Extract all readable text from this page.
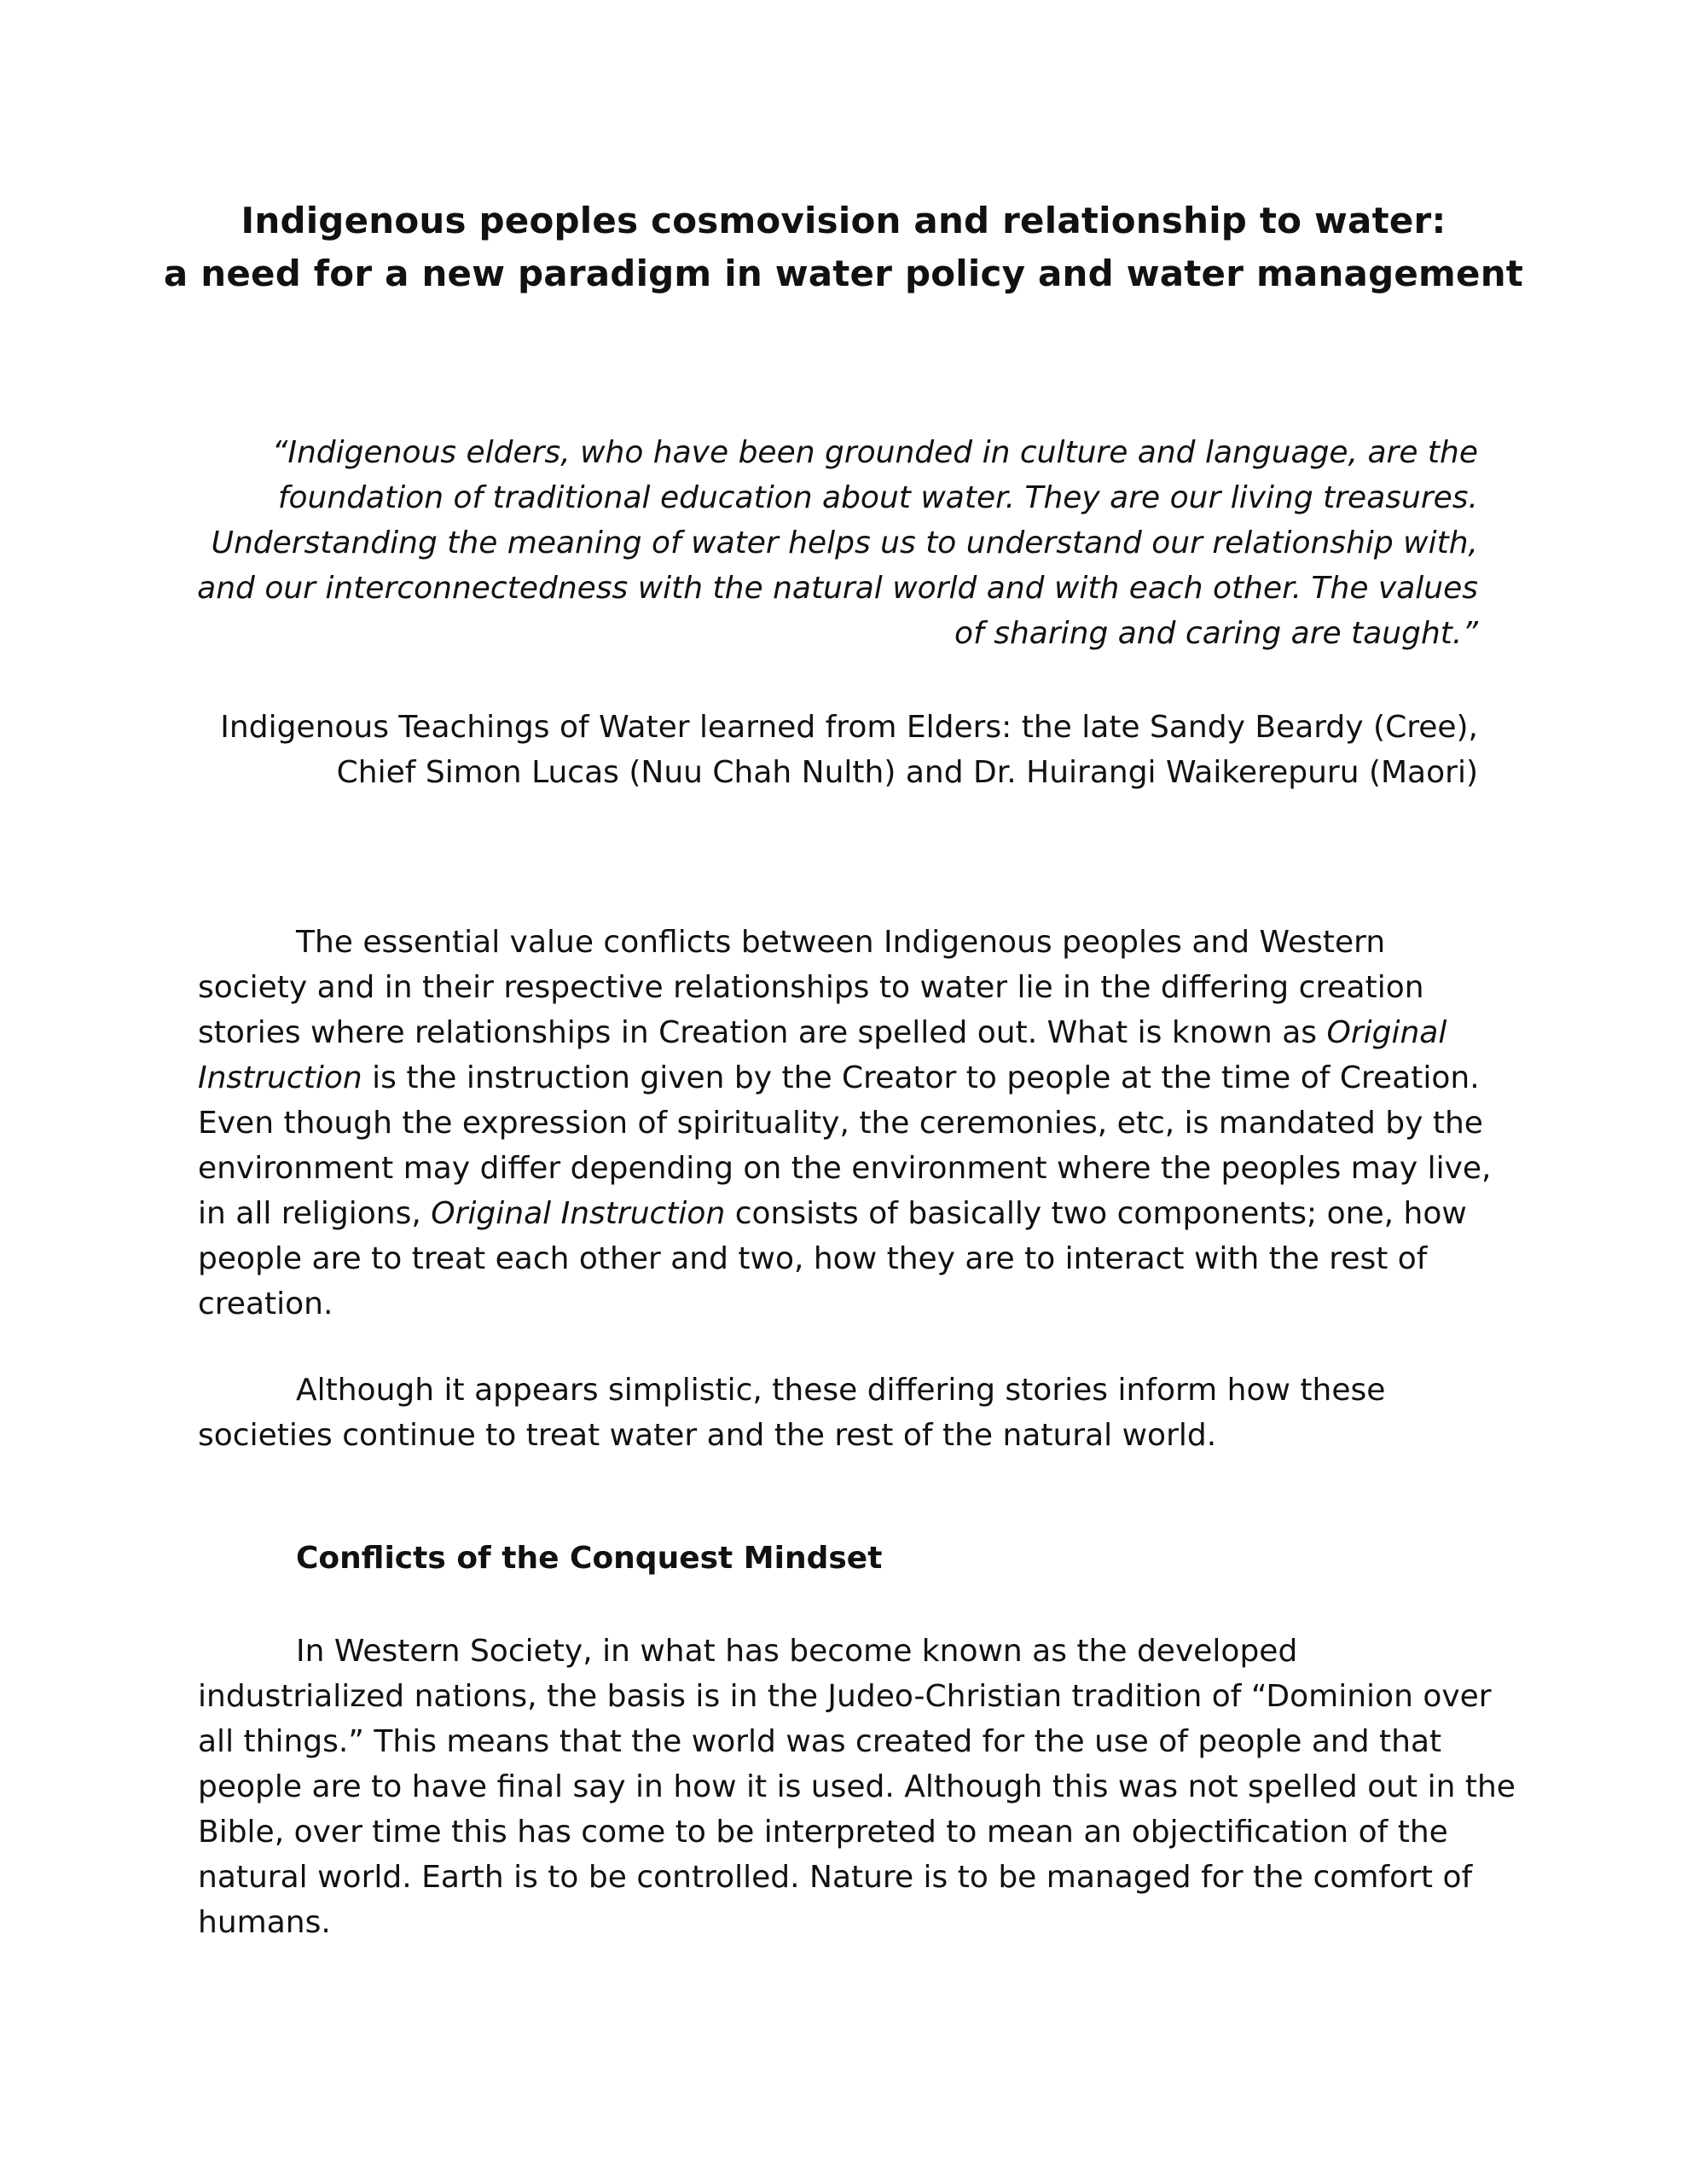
Indigenous peoples cosmovision and relationship to water:
a need for a new paradigm in water policy and water management
“Indigenous elders, who have been grounded in culture and language, are the
foundation of traditional education about water. They are our living treasures.
Understanding the meaning of water helps us to understand our relationship with,
and our interconnectedness with the natural world and with each other. The values
of sharing and caring are taught.”
Indigenous Teachings of Water learned from Elders: the late Sandy Beardy (Cree),
Chief Simon Lucas (Nuu Chah Nulth) and Dr. Huirangi Waikerepuru (Maori)
The essential value conflicts between Indigenous peoples and Western
society and in their respective relationships to water lie in the differing creation
stories where relationships in Creation are spelled out. What is known as Original
Instruction is the instruction given by the Creator to people at the time of Creation.
Even though the expression of spirituality, the ceremonies, etc, is mandated by the
environment may differ depending on the environment where the peoples may live,
in all religions, Original Instruction consists of basically two components; one, how
people are to treat each other and two, how they are to interact with the rest of
creation.
Although it appears simplistic, these differing stories inform how these
societies continue to treat water and the rest of the natural world.
Conflicts of the Conquest Mindset
In Western Society, in what has become known as the developed
industrialized nations, the basis is in the Judeo-Christian tradition of “Dominion over
all things.” This means that the world was created for the use of people and that
people are to have final say in how it is used. Although this was not spelled out in the
Bible, over time this has come to be interpreted to mean an objectification of the
natural world. Earth is to be controlled. Nature is to be managed for the comfort of
humans.
